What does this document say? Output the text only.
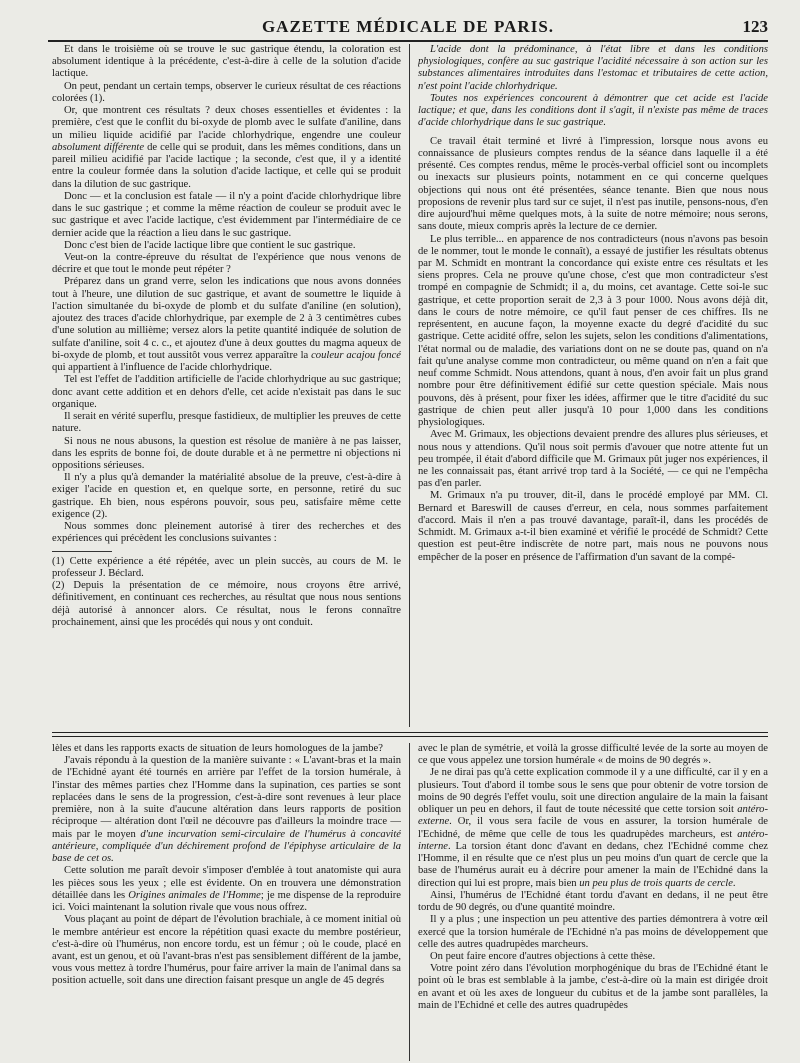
GAZETTE MÉDICALE DE PARIS.	123

Et dans le troisième où se trouve le suc gastrique étendu, la coloration est absolument identique à la précédente, c'est-à-dire à celle de la solution d'acide lactique.

On peut, pendant un certain temps, observer le curieux résultat de ces réactions colorées (1).

Or, que montrent ces résultats ? deux choses essentielles et évidentes : la première, c'est que le conflit du bi-oxyde de plomb avec le sulfate d'aniline, dans un milieu liquide acidifié par l'acide chlorhydrique, engendre une couleur absolument différente de celle qui se produit, dans les mêmes conditions, dans un pareil milieu acidifié par l'acide lactique ; la seconde, c'est que, il y a identité entre la couleur formée dans la solution d'acide lactique, et celle qui se produit dans la dilution de suc gastrique.

Donc — et la conclusion est fatale — il n'y a point d'acide chlorhydrique libre dans le suc gastrique ; et comme la même réaction de couleur se produit avec le suc gastrique et avec l'acide lactique, c'est évidemment par l'intermédiaire de ce dernier acide que la réaction a lieu dans le suc gastrique.

Donc c'est bien de l'acide lactique libre que contient le suc gastrique.

Veut-on la contre-épreuve du résultat de l'expérience que nous venons de décrire et que tout le monde peut répéter ?

Préparez dans un grand verre, selon les indications que nous avons données tout à l'heure, une dilution de suc gastrique, et avant de soumettre le liquide à l'action simultanée du bi-oxyde de plomb et du sulfate d'aniline (en solution), ajoutez des traces d'acide chlorhydrique, par exemple de 2 à 3 centimètres cubes d'une solution au millième; versez alors la petite quantité indiquée de solution de sulfate d'aniline, soit 4 c. c., et ajoutez d'une à deux gouttes du magma aqueux de bi-oxyde de plomb, et tout aussitôt vous verrez apparaître la couleur acajou foncé qui appartient à l'influence de l'acide chlorhydrique.

Tel est l'effet de l'addition artificielle de l'acide chlorhydrique au suc gastrique; donc avant cette addition et en dehors d'elle, cet acide n'existait pas dans le suc organique.

Il serait en vérité superflu, presque fastidieux, de multiplier les preuves de cette nature.

Si nous ne nous abusons, la question est résolue de manière à ne pas laisser, dans les esprits de bonne foi, de doute durable et à ne permettre ni objections ni oppositions sérieuses.

Il n'y a plus qu'à demander la matérialité absolue de la preuve, c'est-à-dire à exiger l'acide en question et, en quelque sorte, en personne, retiré du suc gastrique. Eh bien, nous espérons pouvoir, sous peu, satisfaire même cette exigence (2).

Nous sommes donc pleinement autorisé à tirer des recherches et des expériences qui précèdent les conclusions suivantes :

(1) Cette expérience a été répétée, avec un plein succès, au cours de M. le professeur J. Béclard.

(2) Depuis la présentation de ce mémoire, nous croyons être arrivé, définitivement, en continuant ces recherches, au résultat que nous nous sentions déjà autorisé à annoncer alors. Ce résultat, nous le ferons connaître prochainement, ainsi que les procédés qui nous y ont conduit.

L'acide dont la prédominance, à l'état libre et dans les conditions physiologiques, confère au suc gastrique l'acidité nécessaire à son action sur les substances alimentaires introduites dans l'estomac et tributaires de cette action, n'est point l'acide chlorhydrique.

Toutes nos expériences concourent à démontrer que cet acide est l'acide lactique; et que, dans les conditions dont il s'agit, il n'existe pas même de traces d'acide chlorhydrique dans le suc gastrique.

Ce travail était terminé et livré à l'impression, lorsque nous avons eu connaissance de plusieurs comptes rendus de la séance dans laquelle il a été présenté. Ces comptes rendus, même le procès-verbal officiel sont ou incomplets ou inexacts sur plusieurs points, notamment en ce qui concerne quelques objections qui nous ont été présentées, séance tenante. Bien que nous nous proposions de revenir plus tard sur ce sujet, il n'est pas inutile, pensons-nous, d'en dire aujourd'hui même quelques mots, à la suite de notre mémoire; nous serons, sans doute, mieux compris après la lecture de ce dernier.

Le plus terrible... en apparence de nos contradicteurs (nous n'avons pas besoin de le nommer, tout le monde le connaît), a essayé de justifier les résultats obtenus par M. Schmidt en montrant la concordance qui existe entre ces résultats et les siens propres. Cela ne prouve qu'une chose, c'est que mon contradicteur s'est trompé en compagnie de Schmidt; il a, du moins, cet avantage. Cette soi-le suc gastrique, et cette proportion serait de 2,3 à 3 pour 1000. Nous avons déjà dit, dans le cours de notre mémoire, ce qu'il faut penser de ces chiffres. Ils ne représentent, en aucune façon, la moyenne exacte du degré d'acidité du suc gastrique. Cette acidité offre, selon les sujets, selon les conditions d'alimentations, l'état normal ou de maladie, des variations dont on ne se doute pas, quand on n'a fait qu'une analyse comme mon contradicteur, ou même quand on n'en a fait que neuf comme Schmidt. Nous attendons, quant à nous, d'en avoir fait un plus grand nombre pour être définitivement édifié sur cette question spéciale. Mais nous pouvons, dès à présent, pour fixer les idées, affirmer que le titre d'acidité du suc gastrique de chien peut aller jusqu'à 10 pour 1,000 dans les conditions physiologiques.

Avec M. Grimaux, les objections devaient prendre des allures plus sérieuses, et nous nous y attendions. Qu'il nous soit permis d'avouer que notre attente fut un peu trompée, il était d'abord difficile que M. Grimaux pût juger nos expériences, il ne les connaissait pas, étant arrivé trop tard à la Société, — ce qui ne l'empêcha pas d'en parler.

M. Grimaux n'a pu trouver, dit-il, dans le procédé employé par MM. Cl. Bernard et Bareswill de causes d'erreur, en cela, nous sommes parfaitement d'accord. Mais il n'en a pas trouvé davantage, paraît-il, dans les procédés de Schmidt. M. Grimaux a-t-il bien examiné et vérifié le procédé de Schmidt? Cette question est peut-être indiscrète de notre part, mais nous ne pouvons nous empêcher de la poser en présence de l'affirmation d'un savant de la compé-

lèles et dans les rapports exacts de situation de leurs homologues de la jambe?

J'avais répondu à la question de la manière suivante : « L'avant-bras et la main de l'Echidné ayant été tournés en arrière par l'effet de la torsion humérale, à l'instar des mêmes parties chez l'Homme dans la supination, ces parties se sont replacées dans le sens de la progression, c'est-à-dire sont revenues à leur place première, non à la suite d'aucune altération dans leurs rapports de position réciproque — altération dont l'œil ne découvre pas d'ailleurs la moindre trace — mais par le moyen d'une incurvation semi-circulaire de l'humérus à concavité antérieure, compliquée d'un déchirement profond de l'épiphyse articulaire de la base de cet os.

Cette solution me paraît devoir s'imposer d'emblée à tout anatomiste qui aura les pièces sous les yeux ; elle est évidente. On en trouvera une démonstration détaillée dans les Origines animales de l'Homme; je me dispense de la reproduire ici. Voici maintenant la solution rivale que vous nous offrez.

Vous plaçant au point de départ de l'évolution brachiale, à ce moment initial où le membre antérieur est encore la répétition quasi exacte du membre postérieur, c'est-à-dire où l'humérus, non encore tordu, est un fémur ; où le coude, placé en avant, est un genou, et où l'avant-bras n'est pas sensiblement différent de la jambe, vous vous mettez à tordre l'humérus, pour faire arriver la main de l'animal dans sa position actuelle, soit dans une direction faisant presque un angle de 45 degrés

avec le plan de symétrie, et voilà la grosse difficulté levée de la sorte au moyen de ce que vous appelez une torsion humérale « de moins de 90 degrés ».

Je ne dirai pas qu'à cette explication commode il y a une difficulté, car il y en a plusieurs. Tout d'abord il tombe sous le sens que pour obtenir de votre torsion de moins de 90 degrés l'effet voulu, soit une direction angulaire de la main la faisant obliquer un peu en dehors, il faut de toute nécessité que cette torsion soit antéro-externe. Or, il vous sera facile de vous en assurer, la torsion humérale de l'Echidné, de même que celle de tous les quadrupèdes marcheurs, est antéro-interne. La torsion étant donc d'avant en dedans, chez l'Echidné comme chez l'Homme, il en résulte que ce n'est plus un peu moins d'un quart de cercle que la base de l'humérus aurait eu à décrire pour amener la main de l'Echidné dans la direction qui lui est propre, mais bien un peu plus de trois quarts de cercle.

Ainsi, l'humérus de l'Echidné étant tordu d'avant en dedans, il ne peut être tordu de 90 degrés, ou d'une quantité moindre.

Il y a plus ; une inspection un peu attentive des parties démontrera à votre œil exercé que la torsion humérale de l'Echidné n'a pas moins de développement que celle des autres quadrupèdes marcheurs.

On peut faire encore d'autres objections à cette thèse.

Votre point zéro dans l'évolution morphogénique du bras de l'Echidné étant le point où le bras est semblable à la jambe, c'est-à-dire où la main est dirigée droit en avant et où les axes de longueur du cubitus et de la jambe sont parallèles, la main de l'Echidné et celle des autres quadrupèdes
